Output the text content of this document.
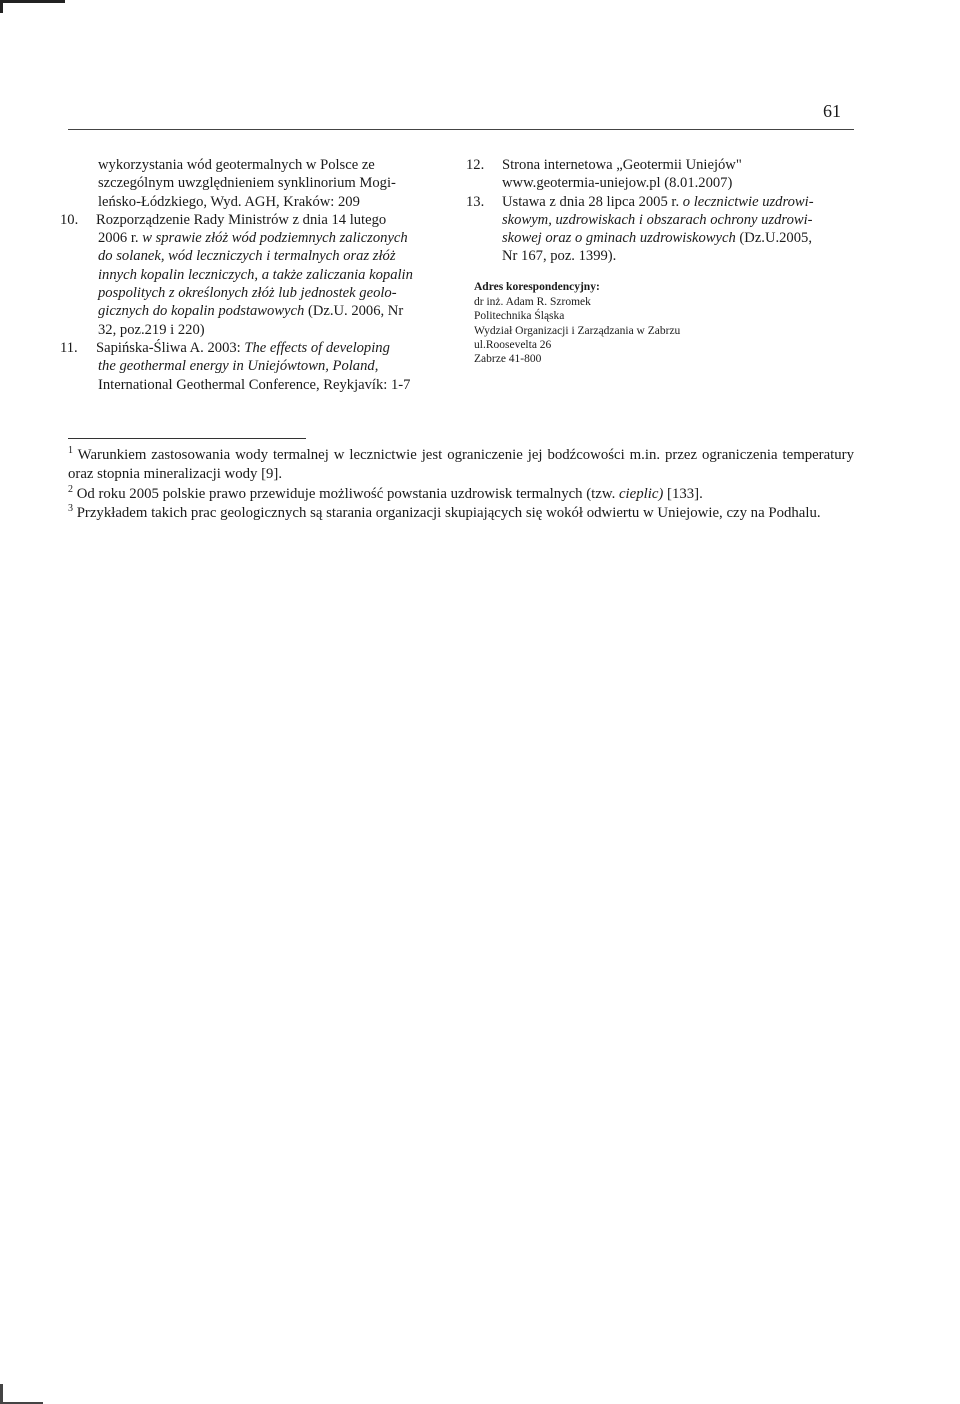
61

wykorzystania wód geotermalnych w Polsce ze

szczególnym uwzględnieniem synklinorium Mogi-

leńsko-Łódzkiego, Wyd. AGH, Kraków: 209

10. Rozporządzenie Rady Ministrów z dnia 14 lutego

2006 r. w sprawie złóż wód podziemnych zaliczonych

do solanek, wód leczniczych i termalnych oraz złóż

innych kopalin leczniczych, a także zaliczania kopalin

pospolitych z określonych złóż lub jednostek geolo-

gicznych do kopalin podstawowych (Dz.U. 2006, Nr

32, poz.219 i 220)

11. Sapińska-Śliwa A. 2003: The effects of developing

the geothermal energy in Uniejówtown, Poland,

International Geothermal Conference, Reykjavík: 1-7

12. Strona internetowa „Geotermii Uniejów"

www.geotermia-uniejow.pl (8.01.2007)

13. Ustawa z dnia 28 lipca 2005 r. o lecznictwie uzdrowi-

skowym, uzdrowiskach i obszarach ochrony uzdrowi-

skowej oraz o gminach uzdrowiskowych (Dz.U.2005,

Nr 167, poz. 1399).

Adres korespondencyjny:

dr inż. Adam R. Szromek

Politechnika Śląska

Wydział Organizacji i Zarządzania w Zabrzu

ul.Roosevelta 26

Zabrze 41-800

$^1$ Warunkiem zastosowania wody termalnej w lecznictwie jest ograniczenie jej bodźcowości m.in. przez ograniczenia temperatury oraz stopnia mineralizacji wody [9].

$^2$ Od roku 2005 polskie prawo przewiduje możliwość powstania uzdrowisk termalnych (tzw. cieplic) [133].

$^3$ Przykładem takich prac geologicznych są starania organizacji skupiających się wokół odwiertu w Uniejowie, czy na Podhalu.
